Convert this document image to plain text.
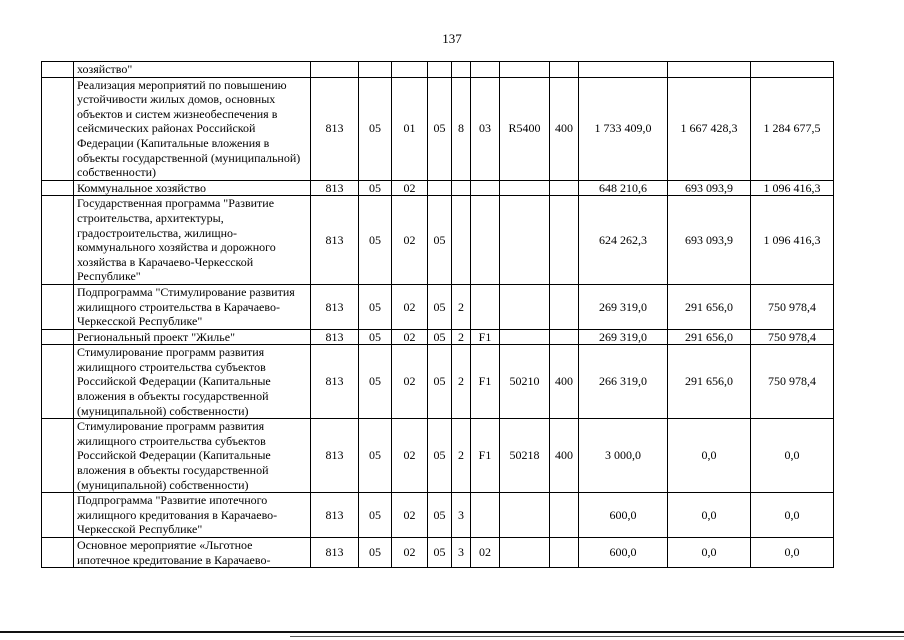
137
	хозяйство"											
	Реализация мероприятий по повышению устойчивости жилых домов, основных объектов и систем жизнеобеспечения в сейсмических районах Российской Федерации (Капитальные вложения в объекты государственной (муниципальной) собственности)	813	05	01	05	8	03	R5400	400	1 733 409,0	1 667 428,3	1 284 677,5
	Коммунальное хозяйство	813	05	02						648 210,6	693 093,9	1 096 416,3
	Государственная программа "Развитие строительства, архитектуры, градостроительства, жилищно-коммунального хозяйства и дорожного хозяйства в Карачаево-Черкесской Республике"	813	05	02	05					624 262,3	693 093,9	1 096 416,3
	Подпрограмма "Стимулирование развития жилищного строительства в Карачаево-Черкесской Республике"	813	05	02	05	2				269 319,0	291 656,0	750 978,4
	Региональный проект "Жилье"	813	05	02	05	2	F1			269 319,0	291 656,0	750 978,4
	Стимулирование программ развития жилищного строительства субъектов Российской Федерации (Капитальные вложения в объекты государственной (муниципальной) собственности)	813	05	02	05	2	F1	50210	400	266 319,0	291 656,0	750 978,4
	Стимулирование программ развития жилищного строительства субъектов Российской Федерации (Капитальные вложения в объекты государственной (муниципальной) собственности)	813	05	02	05	2	F1	50218	400	3 000,0	0,0	0,0
	Подпрограмма "Развитие ипотечного жилищного кредитования в Карачаево-Черкесской Республике"	813	05	02	05	3				600,0	0,0	0,0
	Основное мероприятие «Льготное ипотечное кредитование в Карачаево-	813	05	02	05	3	02			600,0	0,0	0,0
